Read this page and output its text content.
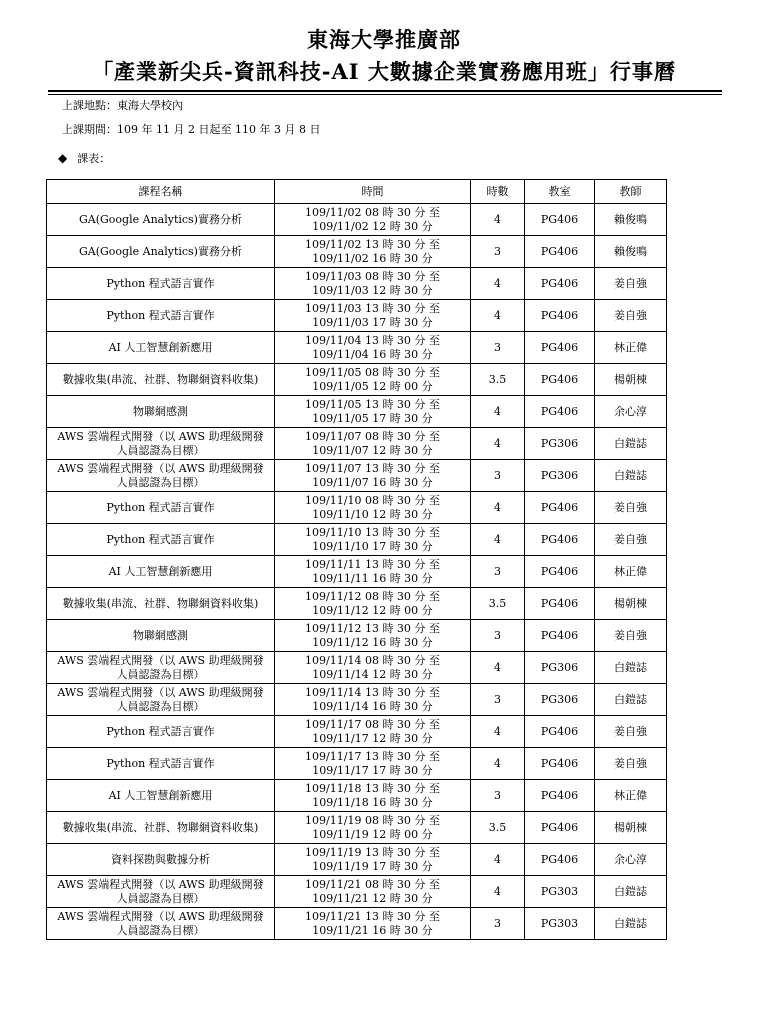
東海大學推廣部
「產業新尖兵-資訊科技-AI 大數據企業實務應用班」行事曆
上課地點：東海大學校內
上課期間：109 年 11 月 2 日起至 110 年 3 月 8 日
◆ 課表：
課程名稱	時間	時數	教室	教師

GA(Google Analytics)實務分析	109/11/02 08 時 30 分 至
109/11/02 12 時 30 分	4	PG406	賴俊鳴

GA(Google Analytics)實務分析	109/11/02 13 時 30 分 至
109/11/02 16 時 30 分	3	PG406	賴俊鳴

Python 程式語言實作	109/11/03 08 時 30 分 至
109/11/03 12 時 30 分	4	PG406	姜自強

Python 程式語言實作	109/11/03 13 時 30 分 至
109/11/03 17 時 30 分	4	PG406	姜自強

AI 人工智慧創新應用	109/11/04 13 時 30 分 至
109/11/04 16 時 30 分	3	PG406	林正偉

數據收集(串流、社群、物聯網資料收集)	109/11/05 08 時 30 分 至
109/11/05 12 時 00 分	3.5	PG406	楊朝棟

物聯網感測	109/11/05 13 時 30 分 至
109/11/05 17 時 30 分	4	PG406	余心淳

AWS 雲端程式開發（以 AWS 助理級開發
人員認證為目標）	109/11/07 08 時 30 分 至
109/11/07 12 時 30 分	4	PG306	白鎧誌

AWS 雲端程式開發（以 AWS 助理級開發
人員認證為目標）	109/11/07 13 時 30 分 至
109/11/07 16 時 30 分	3	PG306	白鎧誌

Python 程式語言實作	109/11/10 08 時 30 分 至
109/11/10 12 時 30 分	4	PG406	姜自強

Python 程式語言實作	109/11/10 13 時 30 分 至
109/11/10 17 時 30 分	4	PG406	姜自強

AI 人工智慧創新應用	109/11/11 13 時 30 分 至
109/11/11 16 時 30 分	3	PG406	林正偉

數據收集(串流、社群、物聯網資料收集)	109/11/12 08 時 30 分 至
109/11/12 12 時 00 分	3.5	PG406	楊朝棟

物聯網感測	109/11/12 13 時 30 分 至
109/11/12 16 時 30 分	3	PG406	姜自強

AWS 雲端程式開發（以 AWS 助理級開發
人員認證為目標）	109/11/14 08 時 30 分 至
109/11/14 12 時 30 分	4	PG306	白鎧誌

AWS 雲端程式開發（以 AWS 助理級開發
人員認證為目標）	109/11/14 13 時 30 分 至
109/11/14 16 時 30 分	3	PG306	白鎧誌

Python 程式語言實作	109/11/17 08 時 30 分 至
109/11/17 12 時 30 分	4	PG406	姜自強

Python 程式語言實作	109/11/17 13 時 30 分 至
109/11/17 17 時 30 分	4	PG406	姜自強

AI 人工智慧創新應用	109/11/18 13 時 30 分 至
109/11/18 16 時 30 分	3	PG406	林正偉

數據收集(串流、社群、物聯網資料收集)	109/11/19 08 時 30 分 至
109/11/19 12 時 00 分	3.5	PG406	楊朝棟

資料探勘與數據分析	109/11/19 13 時 30 分 至
109/11/19 17 時 30 分	4	PG406	余心淳

AWS 雲端程式開發（以 AWS 助理級開發
人員認證為目標）	109/11/21 08 時 30 分 至
109/11/21 12 時 30 分	4	PG303	白鎧誌

AWS 雲端程式開發（以 AWS 助理級開發
人員認證為目標）	109/11/21 13 時 30 分 至
109/11/21 16 時 30 分	3	PG303	白鎧誌
